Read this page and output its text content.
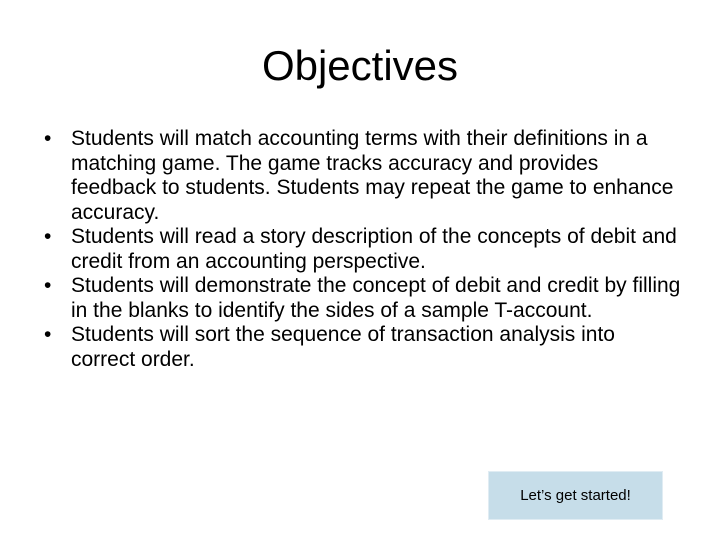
Objectives
• Students will match accounting terms with their definitions in a matching game. The game tracks accuracy and provides feedback to students. Students may repeat the game to enhance accuracy.
• Students will read a story description of the concepts of debit and credit from an accounting perspective.
• Students will demonstrate the concept of debit and credit by filling in the blanks to identify the sides of a sample T-account.
• Students will sort the sequence of transaction analysis into correct order.
Let’s get started!
